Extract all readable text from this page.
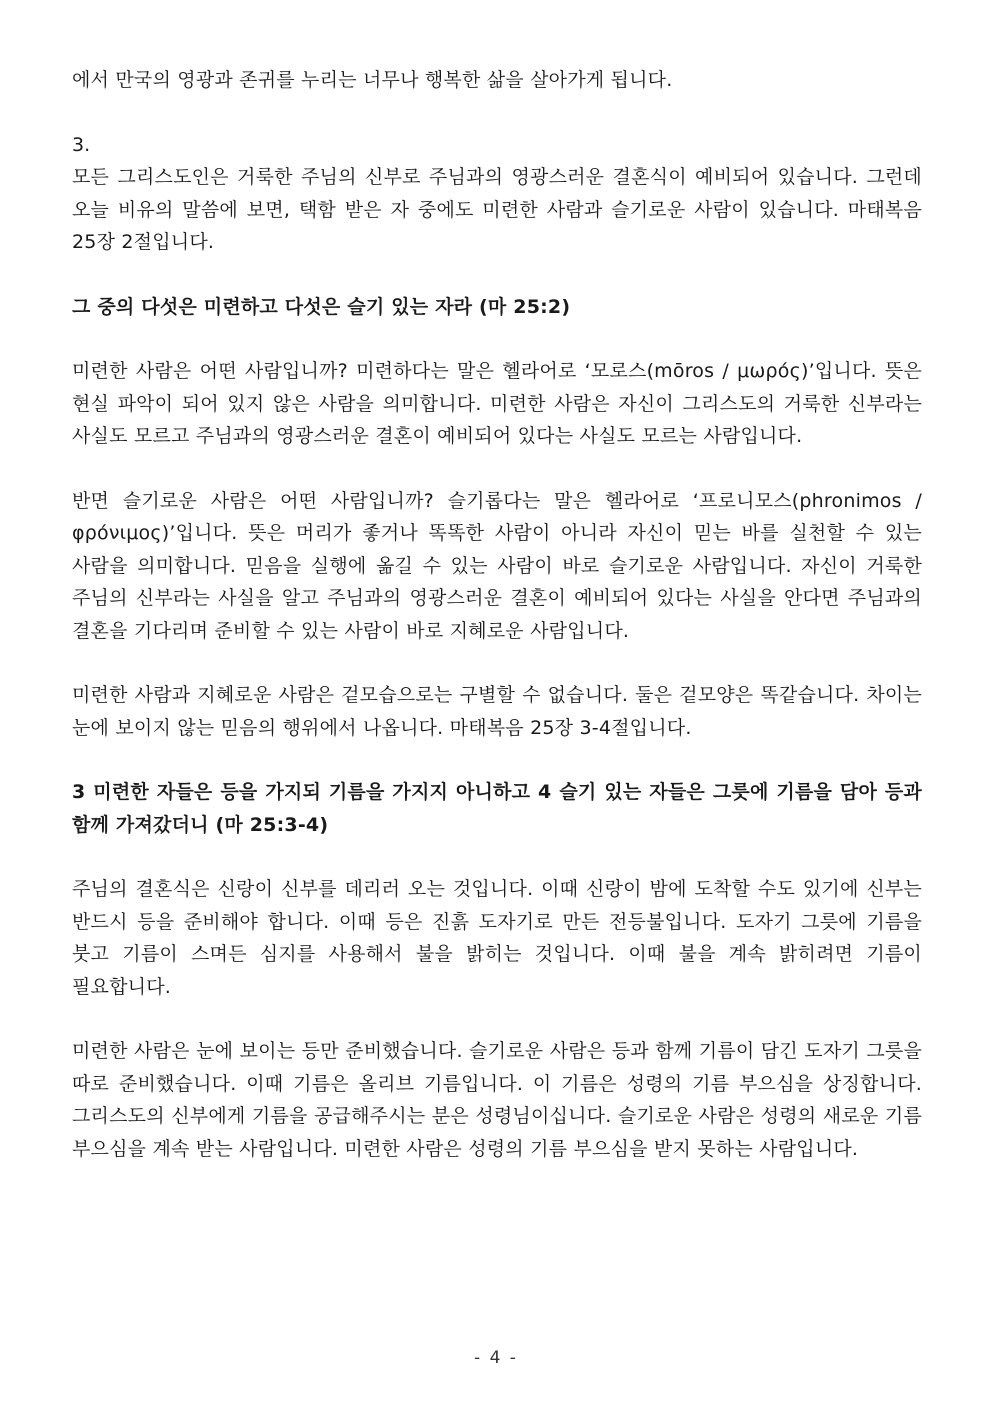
에서 만국의 영광과 존귀를 누리는 너무나 행복한 삶을 살아가게 됩니다.

3.

모든 그리스도인은 거룩한 주님의 신부로 주님과의 영광스러운 결혼식이 예비되어 있습니다. 그런데 오늘 비유의 말씀에 보면, 택함 받은 자 중에도 미련한 사람과 슬기로운 사람이 있습니다. 마태복음 25장 2절입니다.

그 중의 다섯은 미련하고 다섯은 슬기 있는 자라 (마 25:2)

미련한 사람은 어떤 사람입니까? 미련하다는 말은 헬라어로 ‘모로스(mōros / μωρός)’입니다. 뜻은 현실 파악이 되어 있지 않은 사람을 의미합니다. 미련한 사람은 자신이 그리스도의 거룩한 신부라는 사실도 모르고 주님과의 영광스러운 결혼이 예비되어 있다는 사실도 모르는 사람입니다.

반면 슬기로운 사람은 어떤 사람입니까? 슬기롭다는 말은 헬라어로 ‘프로니모스(phronimos / φρόνιμος)’입니다. 뜻은 머리가 좋거나 똑똑한 사람이 아니라 자신이 믿는 바를 실천할 수 있는 사람을 의미합니다. 믿음을 실행에 옮길 수 있는 사람이 바로 슬기로운 사람입니다. 자신이 거룩한 주님의 신부라는 사실을 알고 주님과의 영광스러운 결혼이 예비되어 있다는 사실을 안다면 주님과의 결혼을 기다리며 준비할 수 있는 사람이 바로 지혜로운 사람입니다.

미련한 사람과 지혜로운 사람은 겉모습으로는 구별할 수 없습니다. 둘은 겉모양은 똑같습니다. 차이는 눈에 보이지 않는 믿음의 행위에서 나옵니다. 마태복음 25장 3-4절입니다.

3 미련한 자들은 등을 가지되 기름을 가지지 아니하고 4 슬기 있는 자들은 그릇에 기름을 담아 등과 함께 가져갔더니 (마 25:3-4)

주님의 결혼식은 신랑이 신부를 데리러 오는 것입니다. 이때 신랑이 밤에 도착할 수도 있기에 신부는 반드시 등을 준비해야 합니다. 이때 등은 진흙 도자기로 만든 전등불입니다. 도자기 그릇에 기름을 붓고 기름이 스며든 심지를 사용해서 불을 밝히는 것입니다. 이때 불을 계속 밝히려면 기름이 필요합니다.

미련한 사람은 눈에 보이는 등만 준비했습니다. 슬기로운 사람은 등과 함께 기름이 담긴 도자기 그릇을 따로 준비했습니다. 이때 기름은 올리브 기름입니다. 이 기름은 성령의 기름 부으심을 상징합니다. 그리스도의 신부에게 기름을 공급해주시는 분은 성령님이십니다. 슬기로운 사람은 성령의 새로운 기름 부으심을 계속 받는 사람입니다. 미련한 사람은 성령의 기름 부으심을 받지 못하는 사람입니다.

- 4 -
